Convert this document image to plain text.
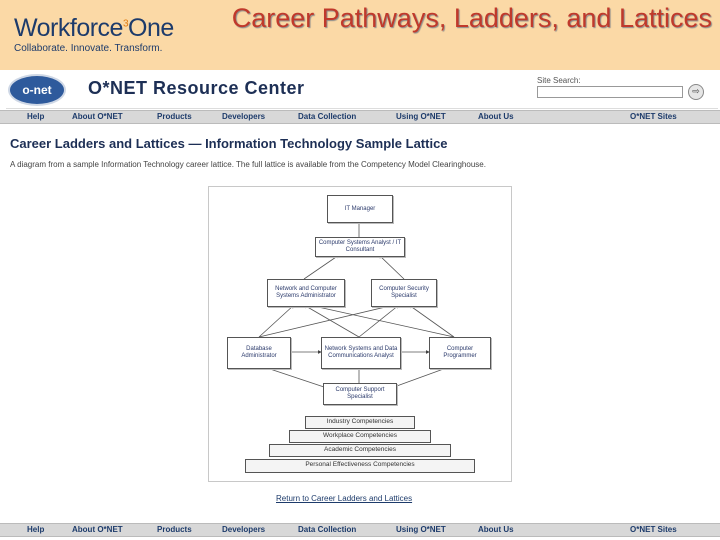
Workforce$^3$One
Collaborate. Innovate. Transform.
Career Pathways, Ladders, and Lattices
o-net	O*NET Resource Center	Site Search:
⇨
Help	About O*NET	Products	Developers	Data Collection	Using O*NET	About Us	O*NET Sites
Career Ladders and Lattices — Information Technology Sample Lattice
A diagram from a sample Information Technology career lattice. The full lattice is available from the Competency Model Clearinghouse.
IT Manager
Computer Systems Analyst / IT Consultant
Network and Computer Systems Administrator
Computer Security Specialist
Database Administrator
Network Systems and Data Communications Analyst
Computer Programmer
Computer Support Specialist
Industry Competencies
Workplace Competencies
Academic Competencies
Personal Effectiveness Competencies
Return to Career Ladders and Lattices
Help	About O*NET	Products	Developers	Data Collection	Using O*NET	About Us	O*NET Sites
